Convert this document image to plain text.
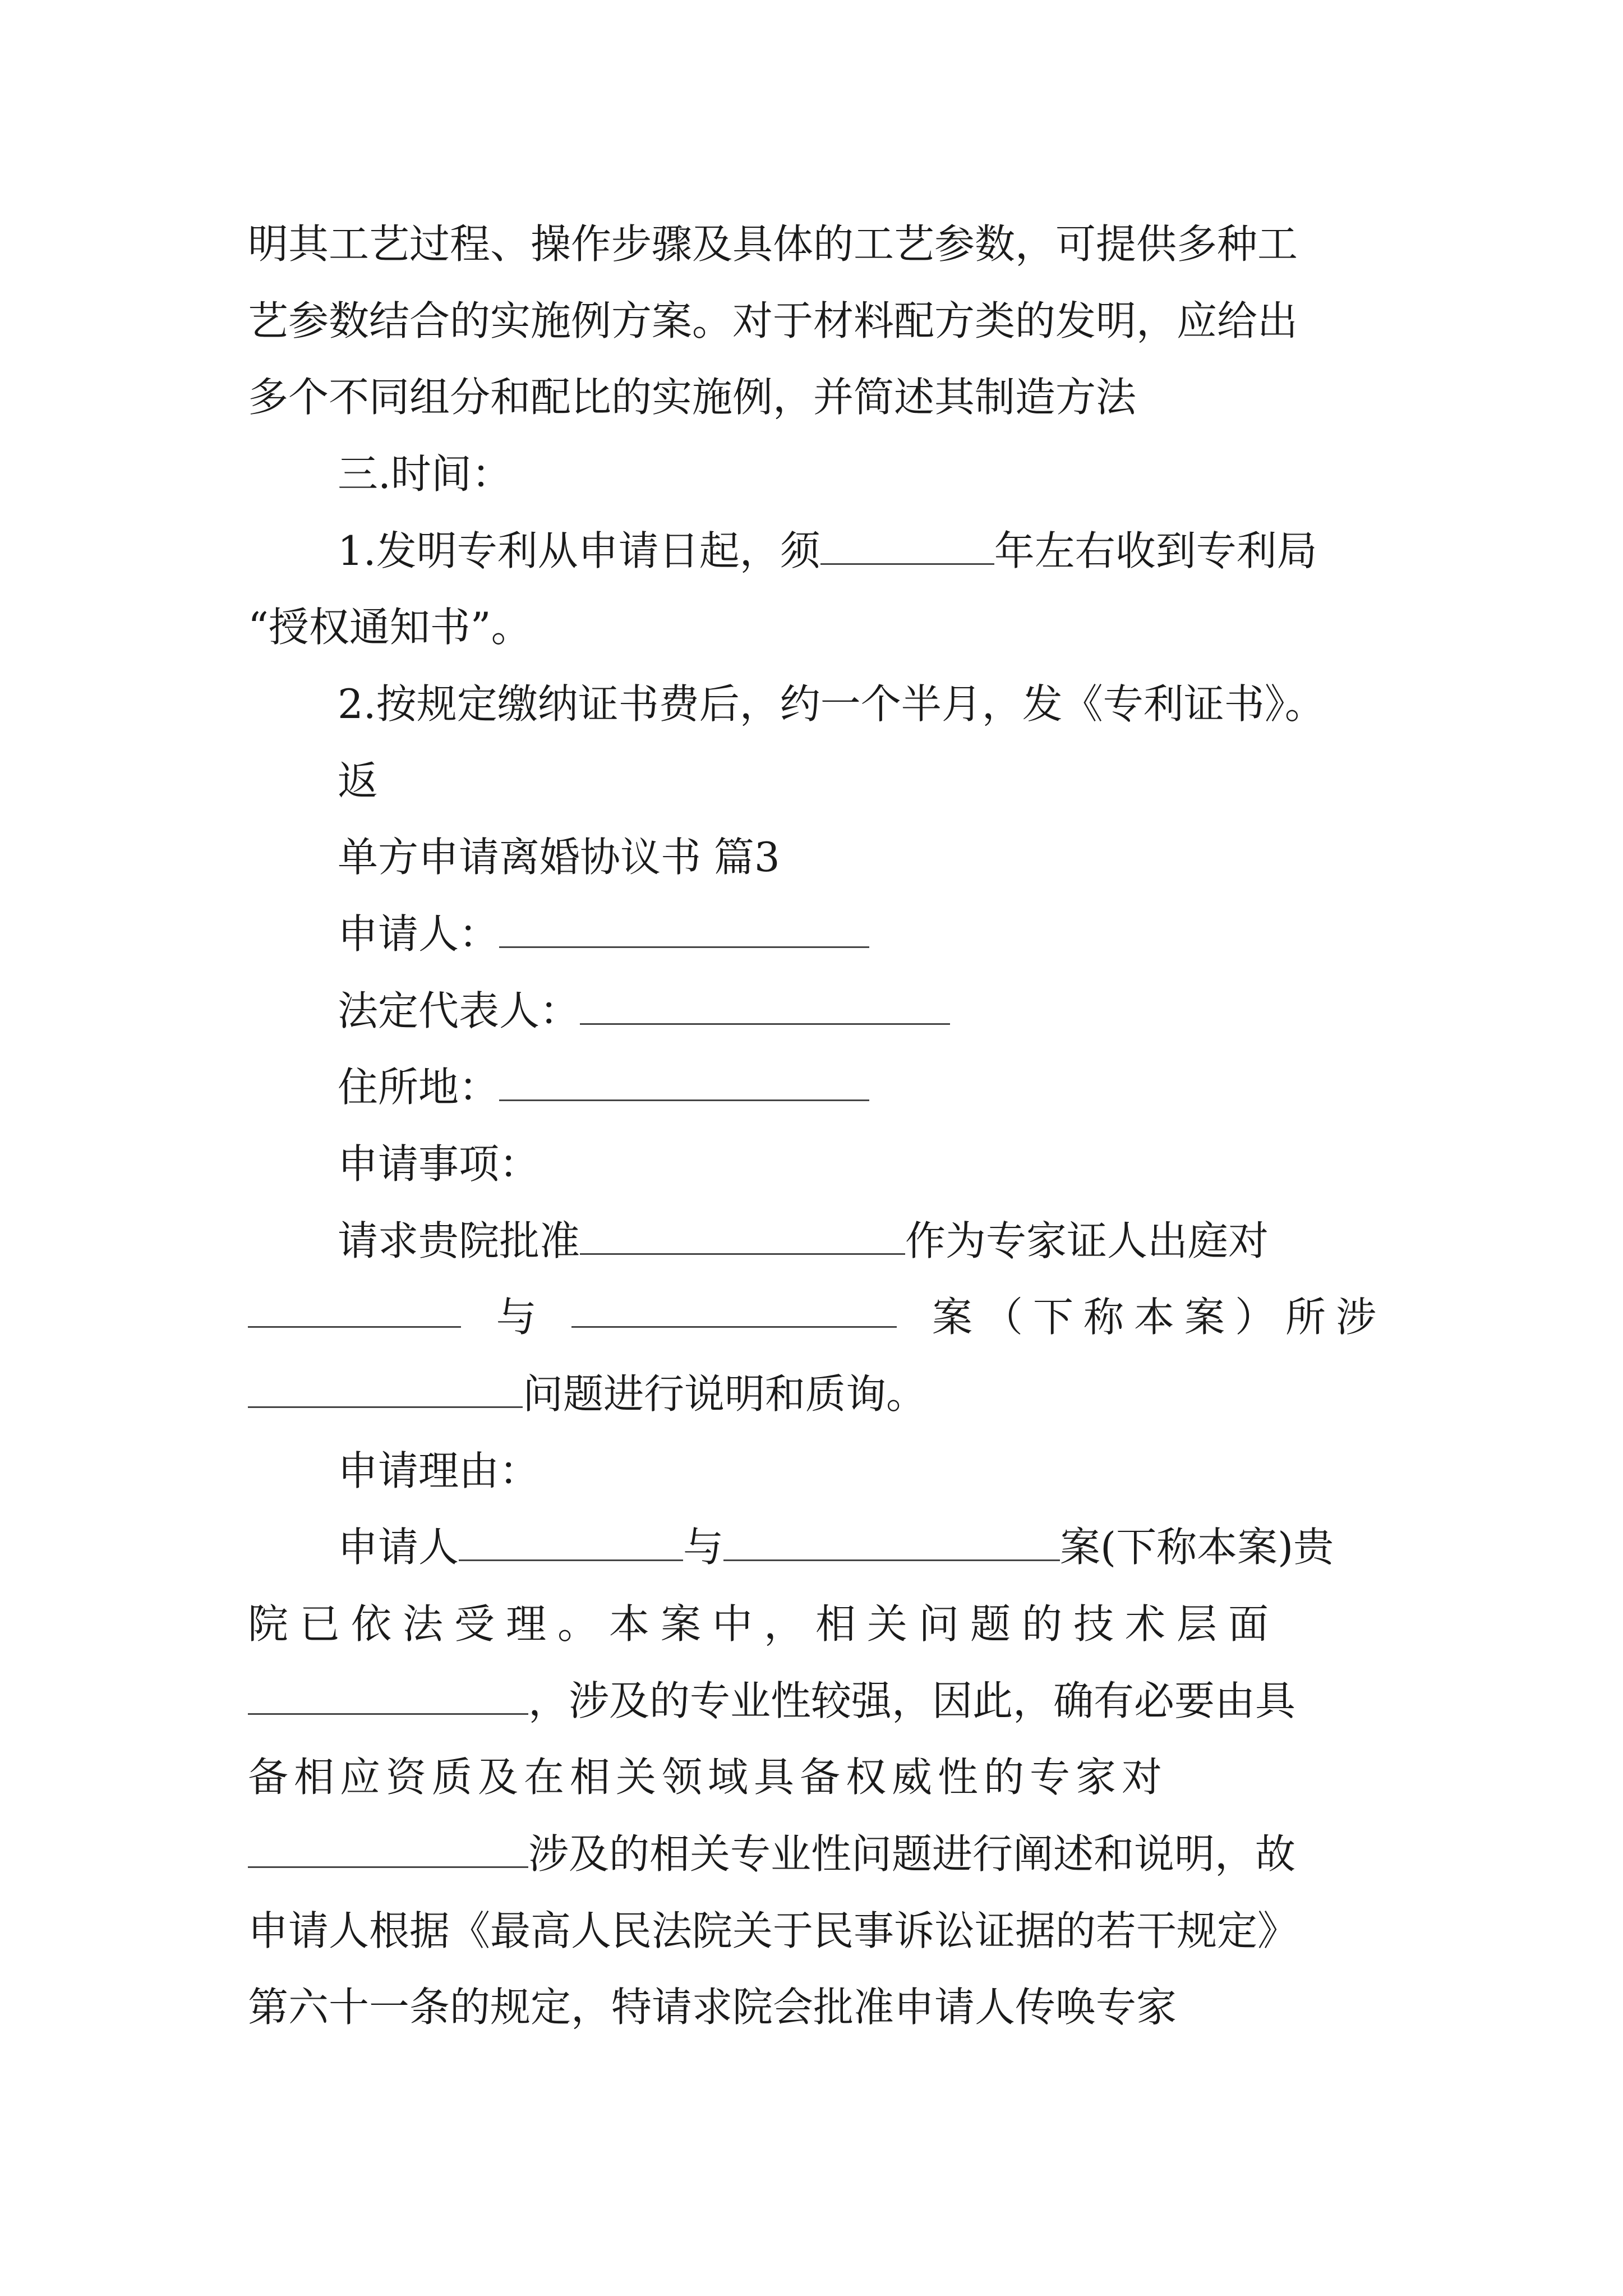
明其工艺过程、操作步骤及具体的工艺参数，可提供多种工
艺参数结合的实施例方案。对于材料配方类的发明，应给出
多个不同组分和配比的实施例，并简述其制造方法
三.时间：
1.发明专利从申请日起，须	年左右收到专利局
“授权通知书”。
2.按规定缴纳证书费后，约一个半月，发《专利证书》。
返
单方申请离婚协议书 篇3
申请人：
法定代表人：
住所地：
申请事项：
请求贵院批准	作为专家证人出庭对
与	案（下称本案）所涉
问题进行说明和质询。
申请理由：
申请人	与	案(下称本案)贵
院已依法受理。本案中，相关问题的技术层面
，涉及的专业性较强，因此，确有必要由具
备相应资质及在相关领域具备权威性的专家对
涉及的相关专业性问题进行阐述和说明，故
申请人根据《最高人民法院关于民事诉讼证据的若干规定》
第六十一条的规定，特请求院会批准申请人传唤专家
